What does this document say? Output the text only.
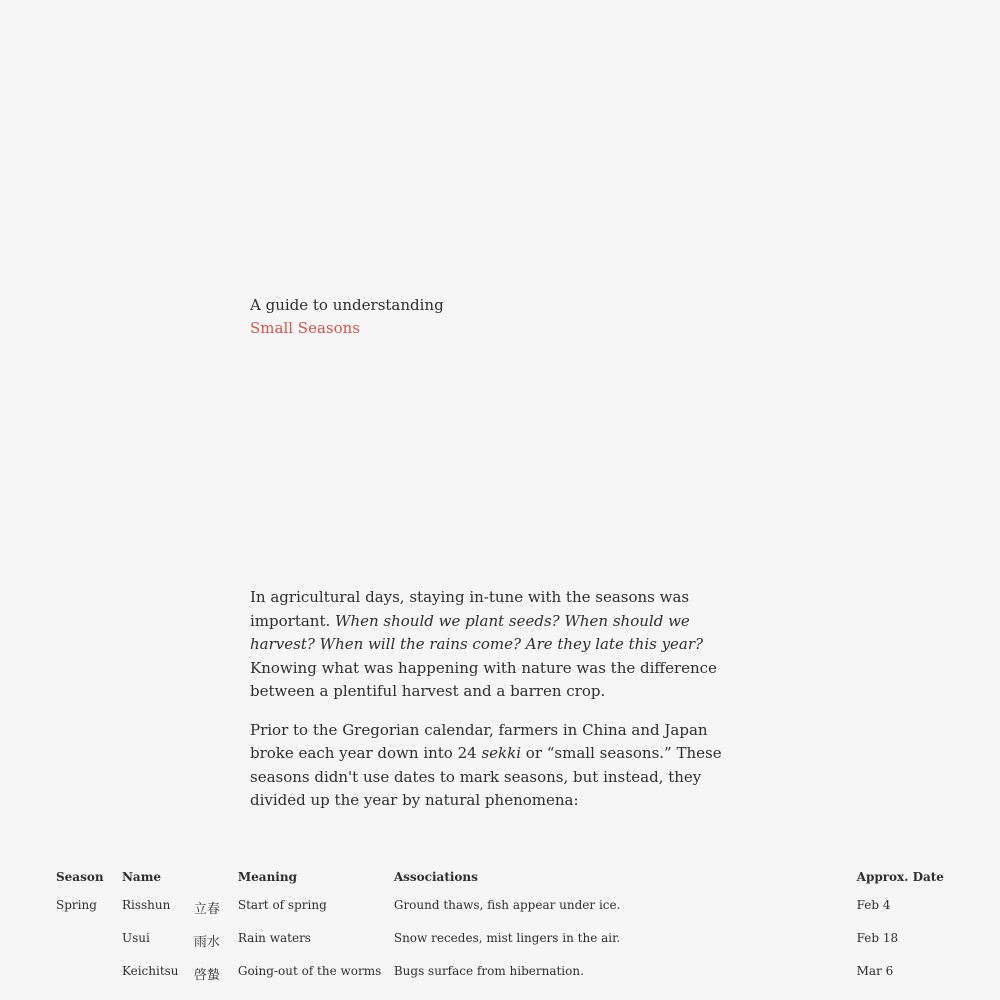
A guide to understanding
Small Seasons

In agricultural days, staying in-tune with the seasons was important. When should we plant seeds? When should we harvest? When will the rains come? Are they late this year? Knowing what was happening with nature was the difference between a plentiful harvest and a barren crop.

Prior to the Gregorian calendar, farmers in China and Japan broke each year down into 24 sekki or “small seasons.” These seasons didn't use dates to mark seasons, but instead, they divided up the year by natural phenomena:

Season	Name		Meaning	Associations	Approx. Date
Spring	Risshun	立春	Start of spring	Ground thaws, fish appear under ice.	Feb 4
	Usui	雨水	Rain waters	Snow recedes, mist lingers in the air.	Feb 18
	Keichitsu	啓蟄	Going-out of the worms	Bugs surface from hibernation.	Mar 6
